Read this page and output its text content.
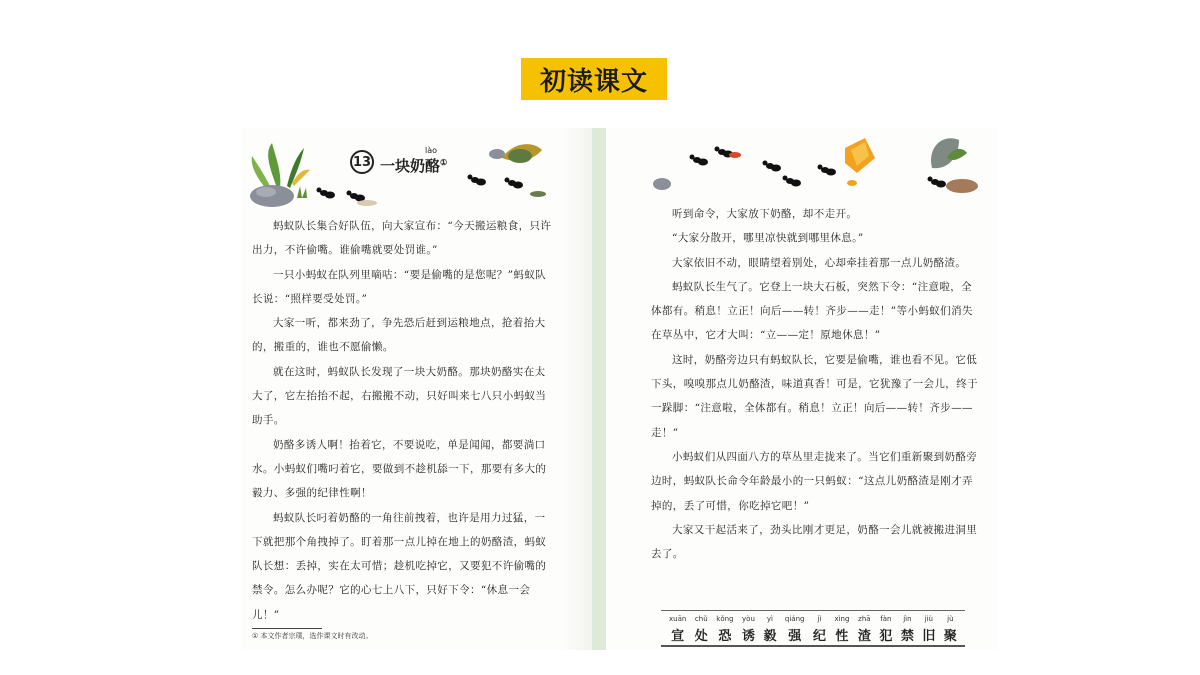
初读课文
13
lào
一块奶酪①

蚂蚁队长集合好队伍，向大家宣布：“今天搬运粮食，只许出力，不许偷嘴。谁偷嘴就要处罚谁。”

一只小蚂蚁在队列里嘀咕：“要是偷嘴的是您呢？”蚂蚁队长说：“照样要受处罚。”

大家一听，都来劲了，争先恐后赶到运粮地点，抢着抬大的，搬重的，谁也不愿偷懒。

就在这时，蚂蚁队长发现了一块大奶酪。那块奶酪实在太大了，它左抬抬不起，右搬搬不动，只好叫来七八只小蚂蚁当助手。

奶酪多诱人啊！抬着它，不要说吃，单是闻闻，都要淌口水。小蚂蚁们嘴叼着它，要做到不趁机舔一下，那要有多大的毅力、多强的纪律性啊！

蚂蚁队长叼着奶酪的一角往前拽着，也许是用力过猛，一下就把那个角拽掉了。盯着那一点儿掉在地上的奶酪渣，蚂蚁队长想：丢掉，实在太可惜；趁机吃掉它，又要犯不许偷嘴的禁令。怎么办呢？它的心七上八下，只好下令：“休息一会儿！”

① 本文作者宗璞，选作课文时有改动。

听到命令，大家放下奶酪，却不走开。

“大家分散开，哪里凉快就到哪里休息。”

大家依旧不动，眼睛望着别处，心却牵挂着那一点儿奶酪渣。

蚂蚁队长生气了。它登上一块大石板，突然下令：“注意啦，全体都有。稍息！立正！向后——转！齐步——走！”等小蚂蚁们消失在草丛中，它才大叫：“立——定！原地休息！”

这时，奶酪旁边只有蚂蚁队长，它要是偷嘴，谁也看不见。它低下头，嗅嗅那点儿奶酪渣，味道真香！可是，它犹豫了一会儿，终于一跺脚：“注意啦，全体都有。稍息！立正！向后——转！齐步——走！”

小蚂蚁们从四面八方的草丛里走拢来了。当它们重新聚到奶酪旁边时，蚂蚁队长命令年龄最小的一只蚂蚁：“这点儿奶酪渣是刚才弄掉的，丢了可惜，你吃掉它吧！”

大家又干起活来了，劲头比刚才更足，奶酪一会儿就被搬进洞里去了。

xuān
宣
chǔ
处
kǒng
恐
yòu
诱
yì
毅
qiáng
强
jì
纪
xìng
性
zhā
渣
fàn
犯
jìn
禁
jiù
旧
jù
聚
